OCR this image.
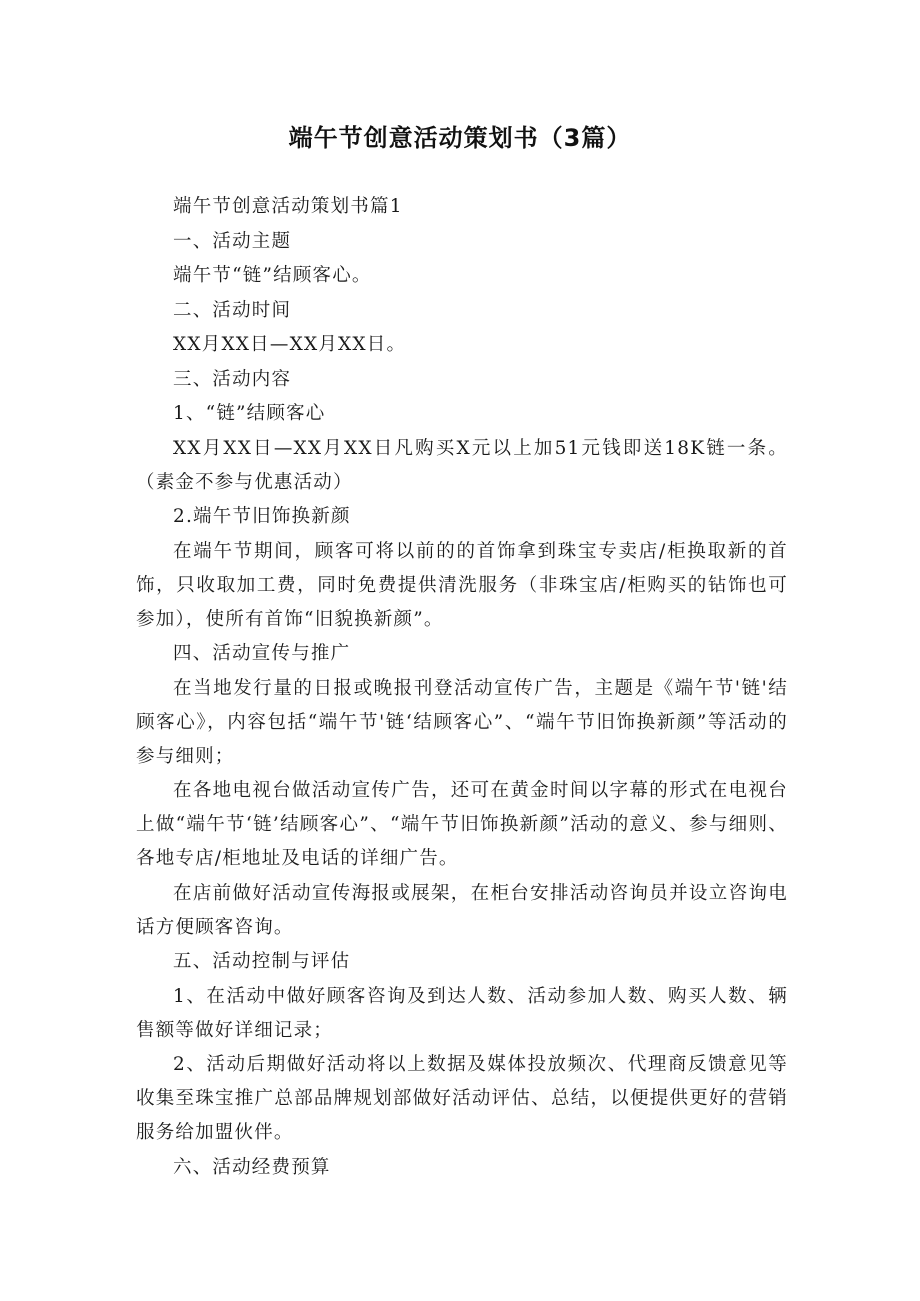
端午节创意活动策划书（3篇）

端午节创意活动策划书篇1

一、活动主题

端午节“链”结顾客心。

二、活动时间

XX月XX日—XX月XX日。

三、活动内容

1、“链”结顾客心

XX月XX日—XX月XX日凡购买X元以上加51元钱即送18K链一条。（素金不参与优惠活动）

2.端午节旧饰换新颜

在端午节期间，顾客可将以前的的首饰拿到珠宝专卖店/柜换取新的首饰，只收取加工费，同时免费提供清洗服务（非珠宝店/柜购买的钻饰也可参加），使所有首饰“旧貌换新颜”。

四、活动宣传与推广

在当地发行量的日报或晚报刊登活动宣传广告，主题是《端午节'链'结顾客心》，内容包括“端午节'链‘结顾客心”、“端午节旧饰换新颜”等活动的参与细则；

在各地电视台做活动宣传广告，还可在黄金时间以字幕的形式在电视台上做“端午节‘链’结顾客心”、“端午节旧饰换新颜”活动的意义、参与细则、各地专店/柜地址及电话的详细广告。

在店前做好活动宣传海报或展架，在柜台安排活动咨询员并设立咨询电话方便顾客咨询。

五、活动控制与评估

1、在活动中做好顾客咨询及到达人数、活动参加人数、购买人数、辆售额等做好详细记录；

2、活动后期做好活动将以上数据及媒体投放频次、代理商反馈意见等收集至珠宝推广总部品牌规划部做好活动评估、总结，以便提供更好的营销服务给加盟伙伴。

六、活动经费预算
